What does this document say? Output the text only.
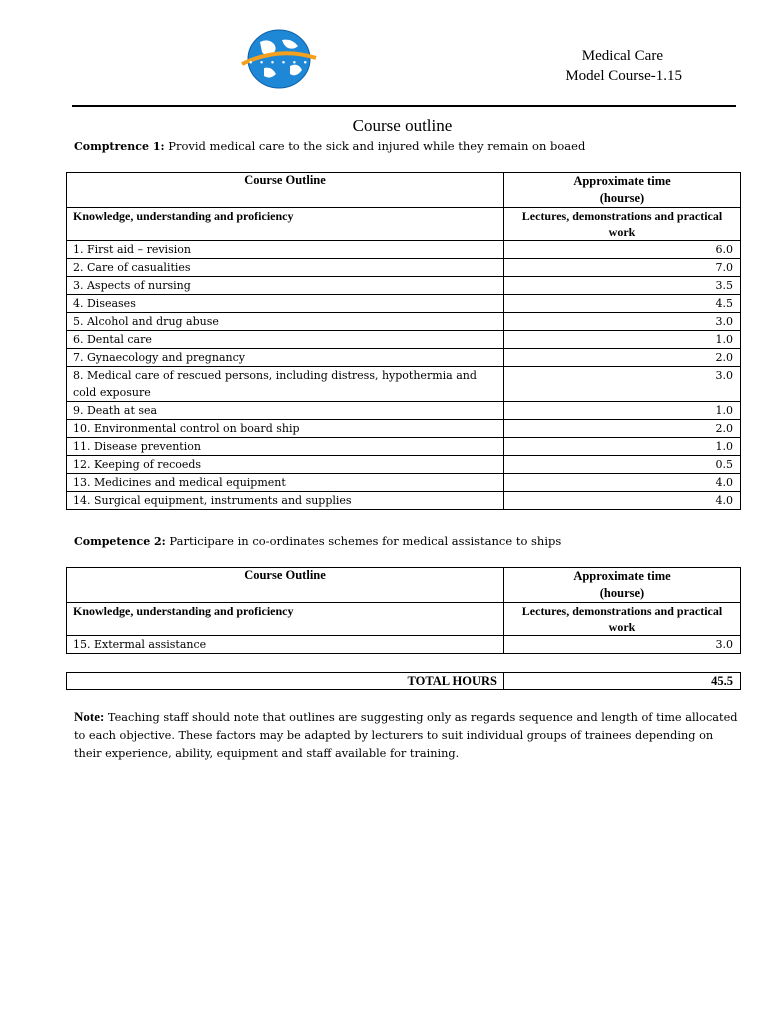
• • • • • •	Medical Care
Model Course-1.15
Course outline
Comptrence 1: Provid medical care to the sick and injured while they remain on boaed
Course Outline	Approximate time
(hourse)
Knowledge, understanding and proficiency	Lectures, demonstrations and practical work
1. First aid – revision	6.0
2. Care of casualities	7.0
3. Aspects of nursing	3.5
4. Diseases	4.5
5. Alcohol and drug abuse	3.0
6. Dental care	1.0
7. Gynaecology and pregnancy	2.0
8. Medical care of rescued persons, including distress, hypothermia and cold exposure	3.0
9. Death at sea	1.0
10. Environmental control on board ship	2.0
11. Disease prevention	1.0
12. Keeping of recoeds	0.5
13. Medicines and medical equipment	4.0
14. Surgical equipment, instruments and supplies	4.0
Competence 2: Participare in co-ordinates schemes for medical assistance to ships
Course Outline	Approximate time
(hourse)
Knowledge, understanding and proficiency	Lectures, demonstrations and practical work
15. Extermal assistance	3.0
TOTAL HOURS	45.5
Note: Teaching staff should note that outlines are suggesting only as regards sequence and length of time allocated to each objective. These factors may be adapted by lecturers to suit individual groups of trainees depending on their experience, ability, equipment and staff available for training.
